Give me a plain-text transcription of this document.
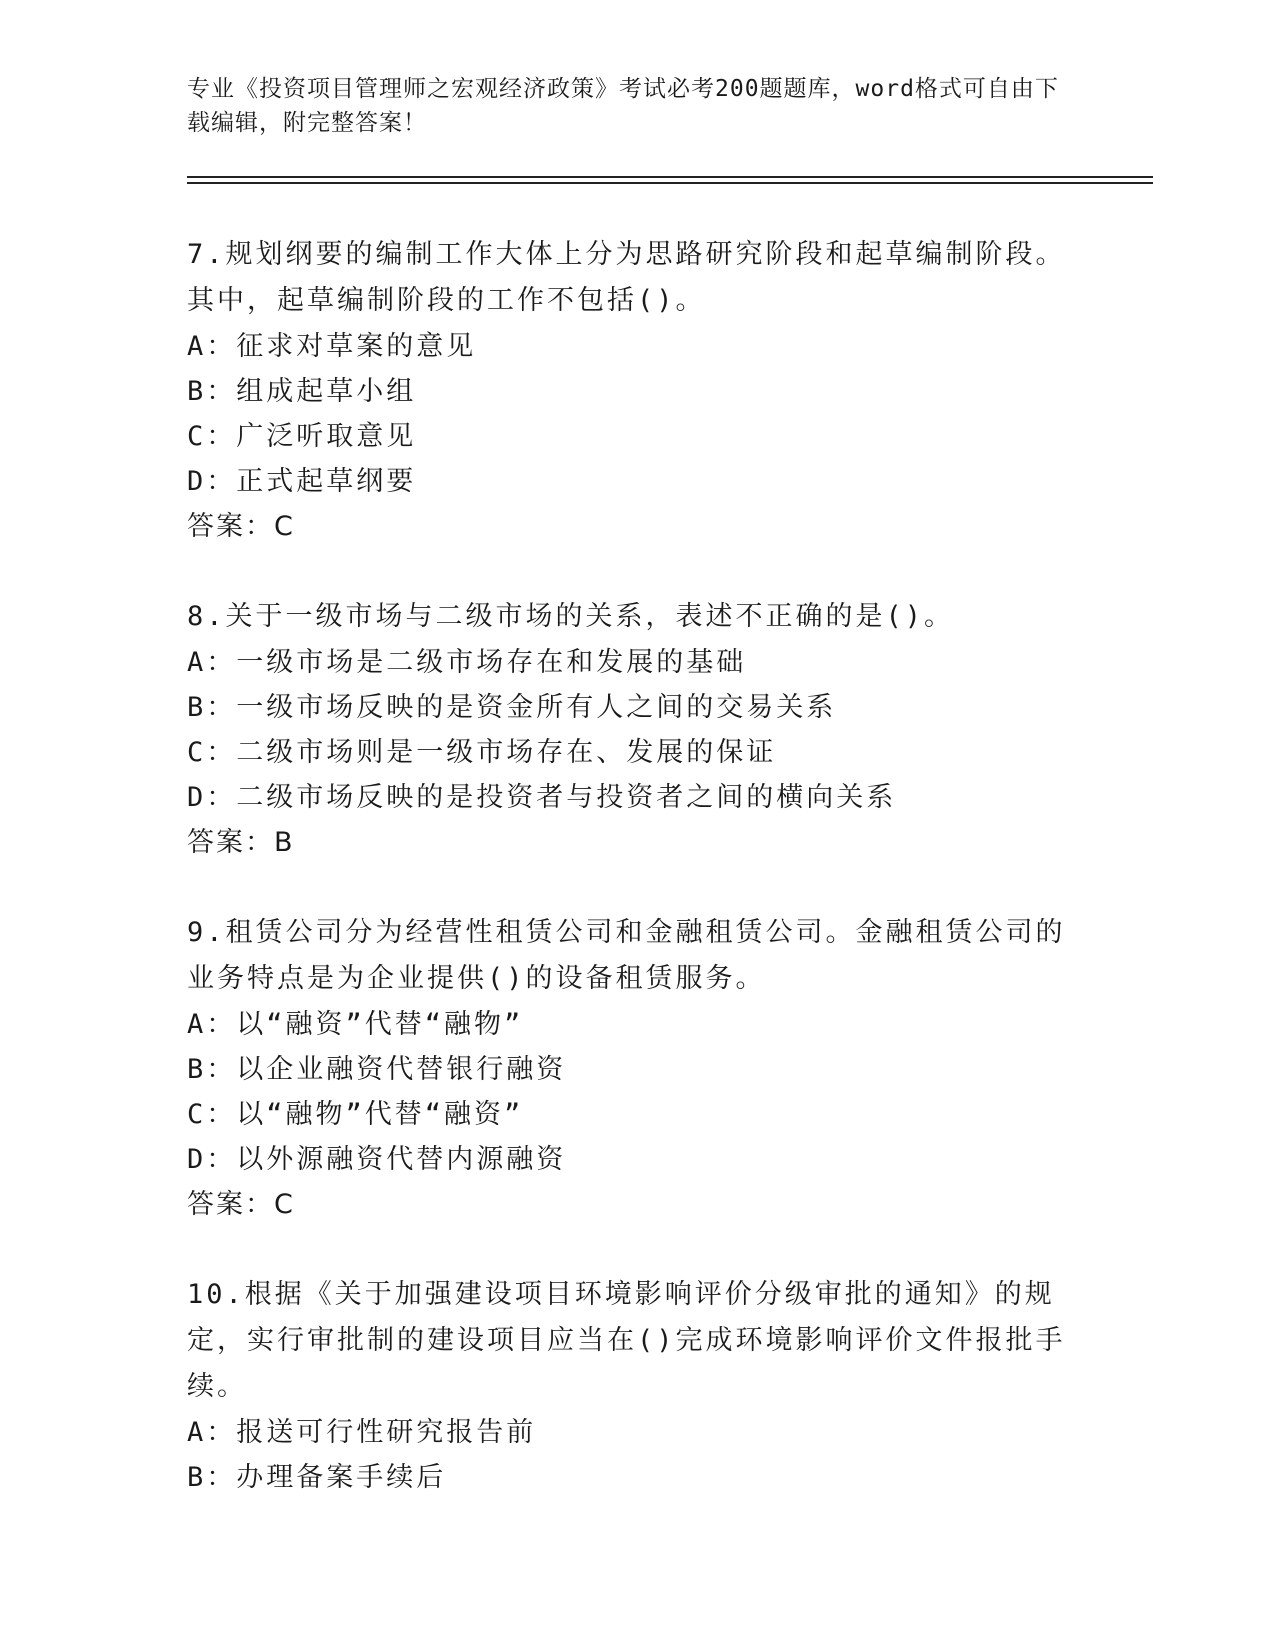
专业《投资项目管理师之宏观经济政策》考试必考200题题库，word格式可自由下载编辑，附完整答案！
7.规划纲要的编制工作大体上分为思路研究阶段和起草编制阶段。其中，起草编制阶段的工作不包括()。
A：征求对草案的意见
B：组成起草小组
C：广泛听取意见
D：正式起草纲要
答案：C
8.关于一级市场与二级市场的关系，表述不正确的是()。
A：一级市场是二级市场存在和发展的基础
B：一级市场反映的是资金所有人之间的交易关系
C：二级市场则是一级市场存在、发展的保证
D：二级市场反映的是投资者与投资者之间的横向关系
答案：B
9.租赁公司分为经营性租赁公司和金融租赁公司。金融租赁公司的业务特点是为企业提供()的设备租赁服务。
A：以“融资”代替“融物”
B：以企业融资代替银行融资
C：以“融物”代替“融资”
D：以外源融资代替内源融资
答案：C
10.根据《关于加强建设项目环境影响评价分级审批的通知》的规定，实行审批制的建设项目应当在()完成环境影响评价文件报批手续。
A：报送可行性研究报告前
B：办理备案手续后
